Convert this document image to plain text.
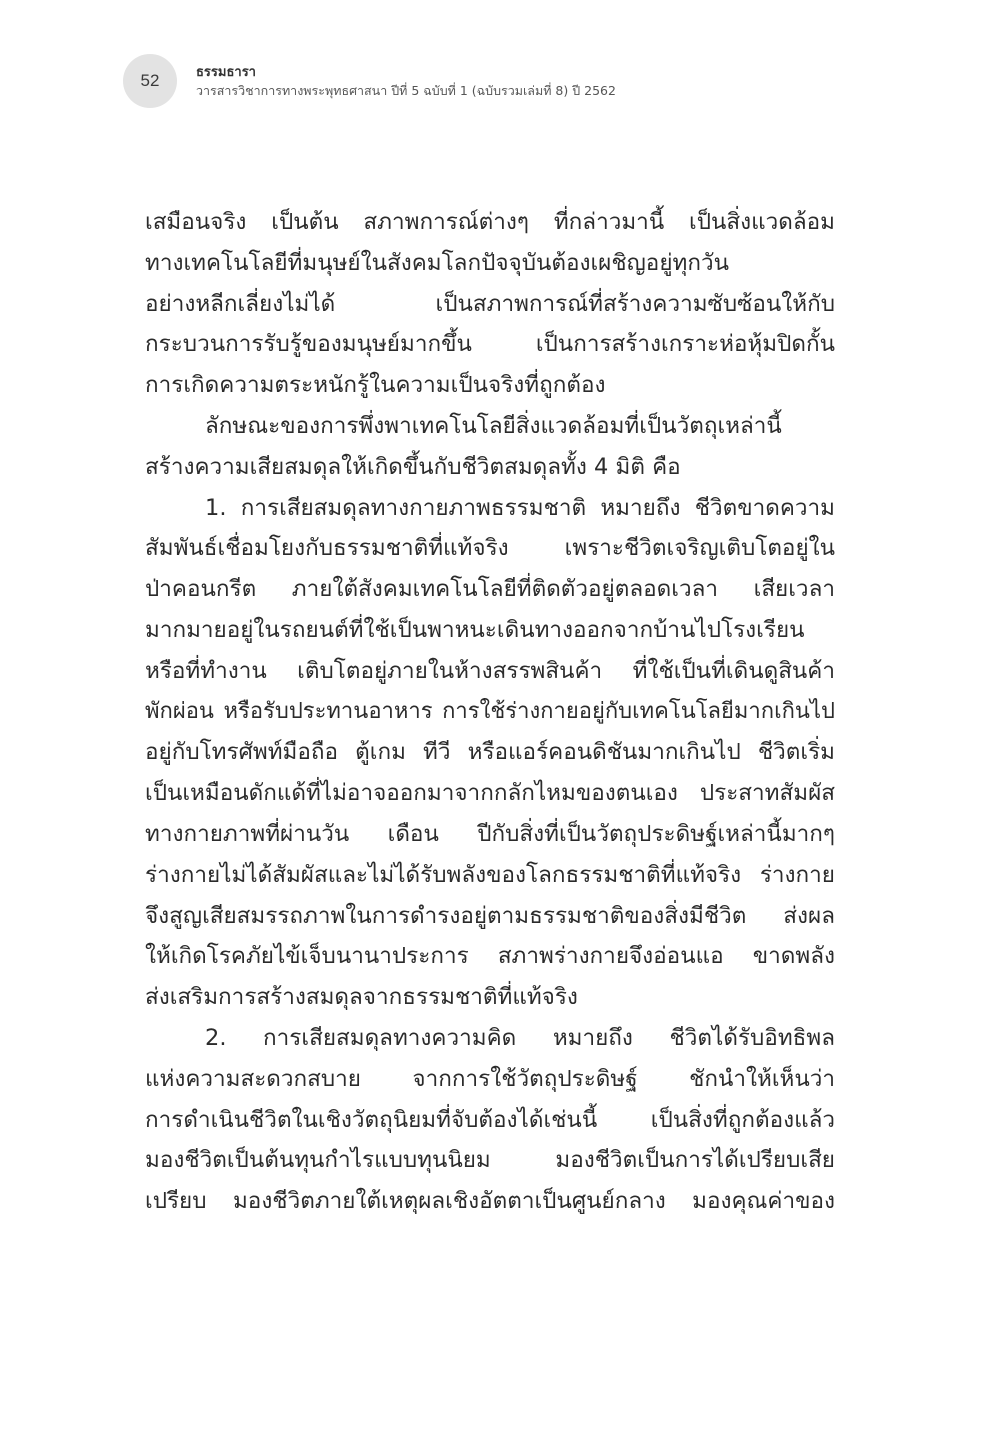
52	ธรรมธารา
วารสารวิชาการทางพระพุทธศาสนา ปีที่ 5 ฉบับที่ 1 (ฉบับรวมเล่มที่ 8) ปี 2562
เสมือนจริง เป็นต้น สภาพการณ์ต่างๆ ที่กล่าวมานี้ เป็นสิ่งแวดล้อม
ทางเทคโนโลยีที่มนุษย์ในสังคมโลกปัจจุบันต้องเผชิญอยู่ทุกวัน
อย่างหลีกเลี่ยงไม่ได้ เป็นสภาพการณ์ที่สร้างความซับซ้อนให้กับ
กระบวนการรับรู้ของมนุษย์มากขึ้น เป็นการสร้างเกราะห่อหุ้มปิดกั้น
การเกิดความตระหนักรู้ในความเป็นจริงที่ถูกต้อง
ลักษณะของการพึ่งพาเทคโนโลยีสิ่งแวดล้อมที่เป็นวัตถุเหล่านี้
สร้างความเสียสมดุลให้เกิดขึ้นกับชีวิตสมดุลทั้ง 4 มิติ คือ
1. การเสียสมดุลทางกายภาพธรรมชาติ หมายถึง ชีวิตขาดความ
สัมพันธ์เชื่อมโยงกับธรรมชาติที่แท้จริง เพราะชีวิตเจริญเติบโตอยู่ใน
ป่าคอนกรีต ภายใต้สังคมเทคโนโลยีที่ติดตัวอยู่ตลอดเวลา เสียเวลา
มากมายอยู่ในรถยนต์ที่ใช้เป็นพาหนะเดินทางออกจากบ้านไปโรงเรียน
หรือที่ทำงาน เติบโตอยู่ภายในห้างสรรพสินค้า ที่ใช้เป็นที่เดินดูสินค้า
พักผ่อน หรือรับประทานอาหาร การใช้ร่างกายอยู่กับเทคโนโลยีมากเกินไป
อยู่กับโทรศัพท์มือถือ ตู้เกม ทีวี หรือแอร์คอนดิชันมากเกินไป ชีวิตเริ่ม
เป็นเหมือนดักแด้ที่ไม่อาจออกมาจากกลักไหมของตนเอง ประสาทสัมผัส
ทางกายภาพที่ผ่านวัน เดือน ปีกับสิ่งที่เป็นวัตถุประดิษฐ์เหล่านี้มากๆ
ร่างกายไม่ได้สัมผัสและไม่ได้รับพลังของโลกธรรมชาติที่แท้จริง ร่างกาย
จึงสูญเสียสมรรถภาพในการดำรงอยู่ตามธรรมชาติของสิ่งมีชีวิต ส่งผล
ให้เกิดโรคภัยไข้เจ็บนานาประการ สภาพร่างกายจึงอ่อนแอ ขาดพลัง
ส่งเสริมการสร้างสมดุลจากธรรมชาติที่แท้จริง
2. การเสียสมดุลทางความคิด หมายถึง ชีวิตได้รับอิทธิพล
แห่งความสะดวกสบาย จากการใช้วัตถุประดิษฐ์ ชักนำให้เห็นว่า
การดำเนินชีวิตในเชิงวัตถุนิยมที่จับต้องได้เช่นนี้ เป็นสิ่งที่ถูกต้องแล้ว
มองชีวิตเป็นต้นทุนกำไรแบบทุนนิยม มองชีวิตเป็นการได้เปรียบเสีย
เปรียบ มองชีวิตภายใต้เหตุผลเชิงอัตตาเป็นศูนย์กลาง มองคุณค่าของ
